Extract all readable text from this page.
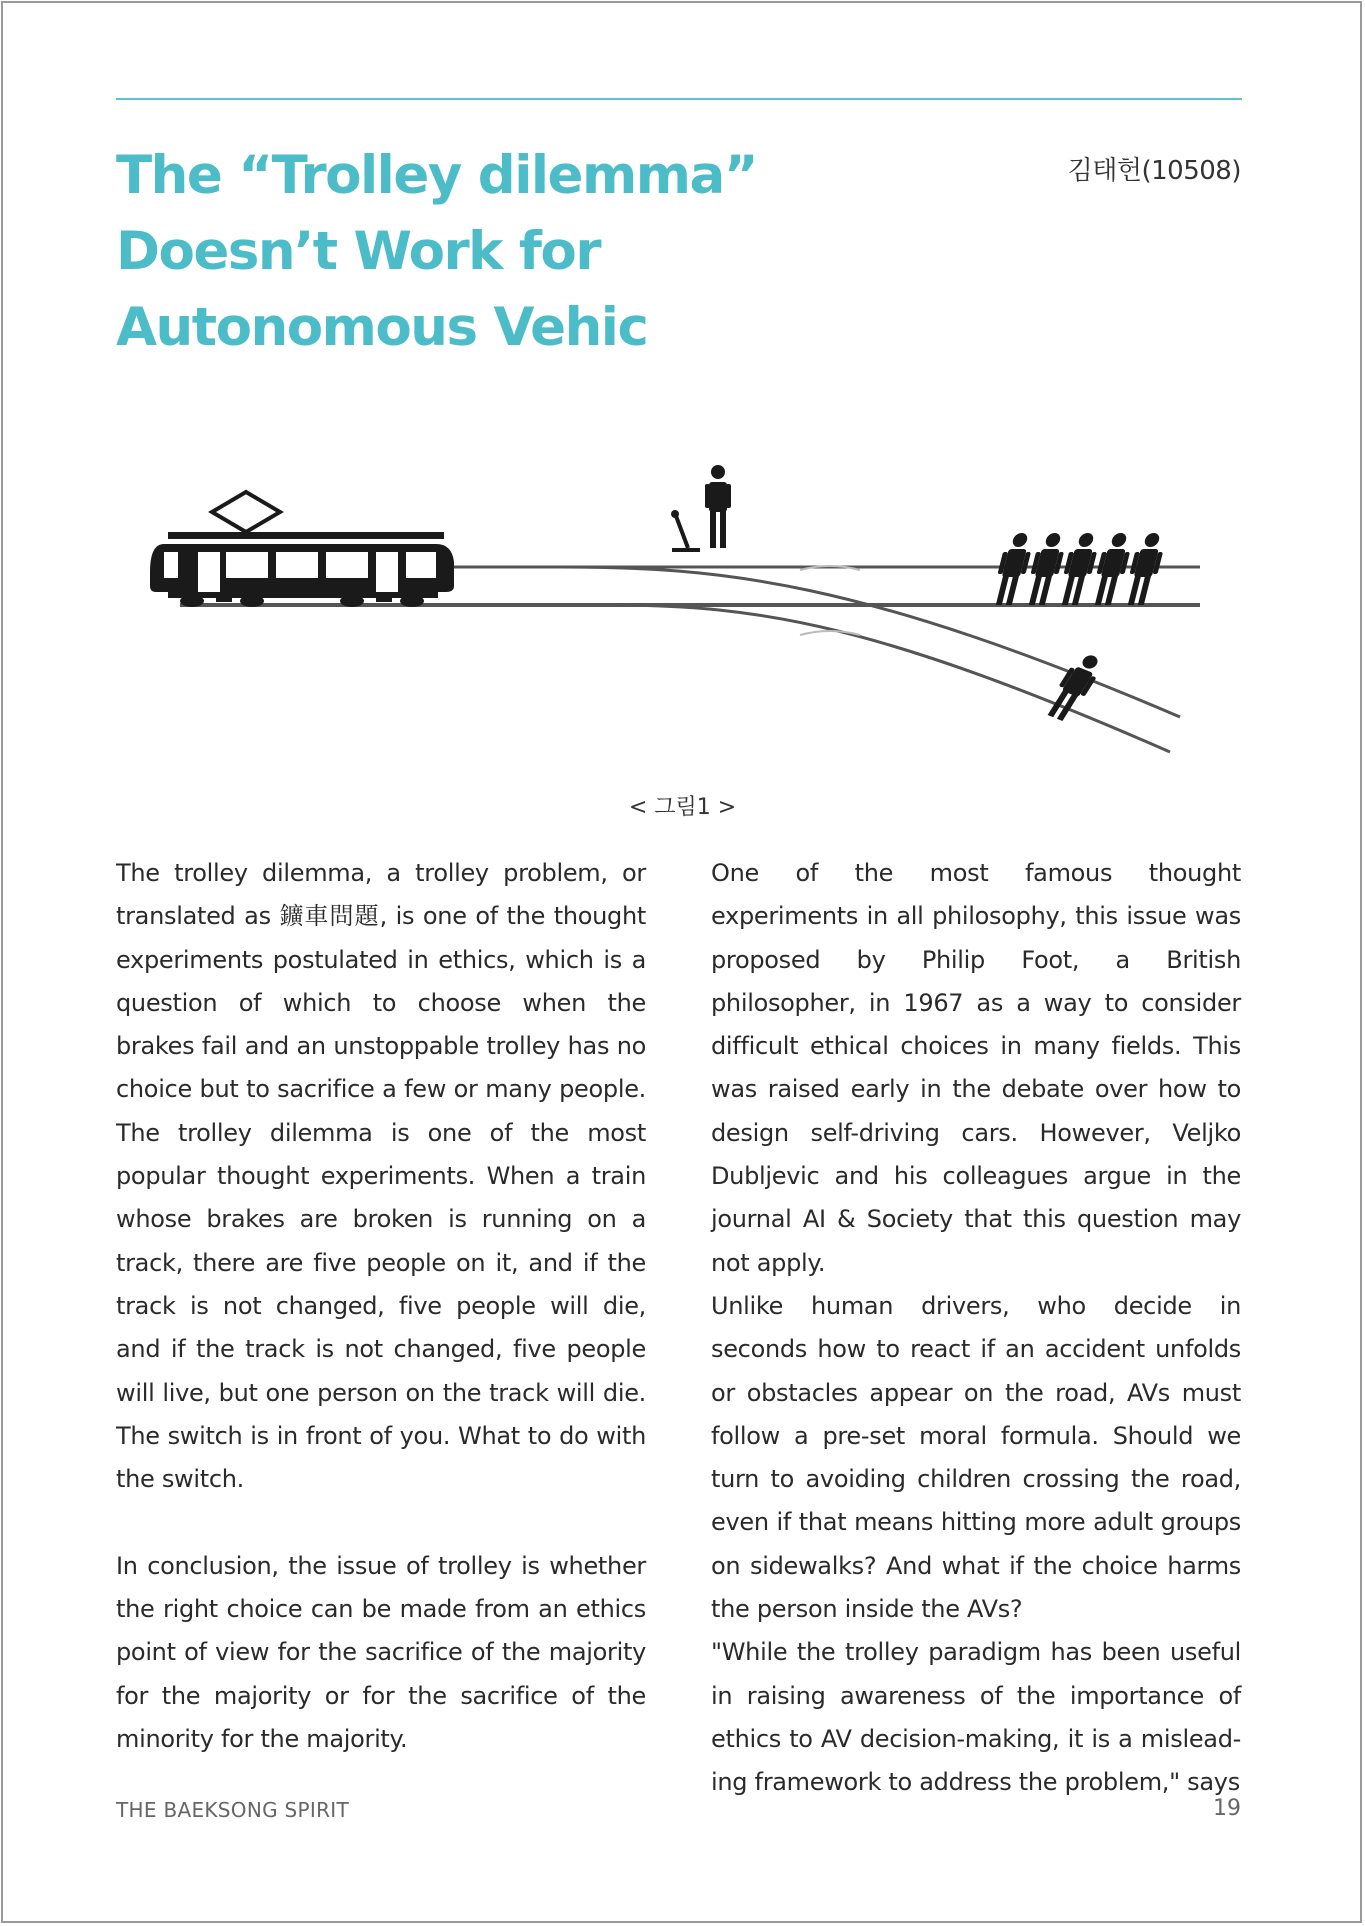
The “Trolley dilemma” Doesn’t Work for Autonomous Vehic
김태헌(10508)
< 그림1 >

The trolley dilemma, a trolley problem, or translated as 鑛車問題, is one of the thought experiments postulated in ethics, which is a question of which to choose when the brakes fail and an unstoppable trolley has no choice but to sacrifice a few or many people. The trolley dilemma is one of the most popular thought experiments. When a train whose brakes are broken is running on a track, there are five people on it, and if the track is not changed, five people will die, and if the track is not changed, five people will live, but one person on the track will die. The switch is in front of you. What to do with the switch.

In conclusion, the issue of trolley is whether the right choice can be made from an ethics point of view for the sacrifice of the majority for the majority or for the sacrifice of the minority for the majority.

One of the most famous thought experiments in all philosophy, this issue was proposed by Philip Foot, a British philosopher, in 1967 as a way to consider difficult ethical choices in many fields. This was raised early in the debate over how to design self-driving cars. However, Veljko Dubljevic and his colleagues argue in the journal AI & Society that this question may not apply.

Unlike human drivers, who decide in seconds how to react if an accident unfolds or obstacles appear on the road, AVs must follow a pre-set moral formula. Should we turn to avoiding children crossing the road, even if that means hitting more adult groups on sidewalks? And what if the choice harms the person inside the AVs?

"While the trolley paradigm has been useful in raising awareness of the importance of ethics to AV decision-making, it is a mislead-ing framework to address the problem," says

THE BAEKSONG SPIRIT	19
